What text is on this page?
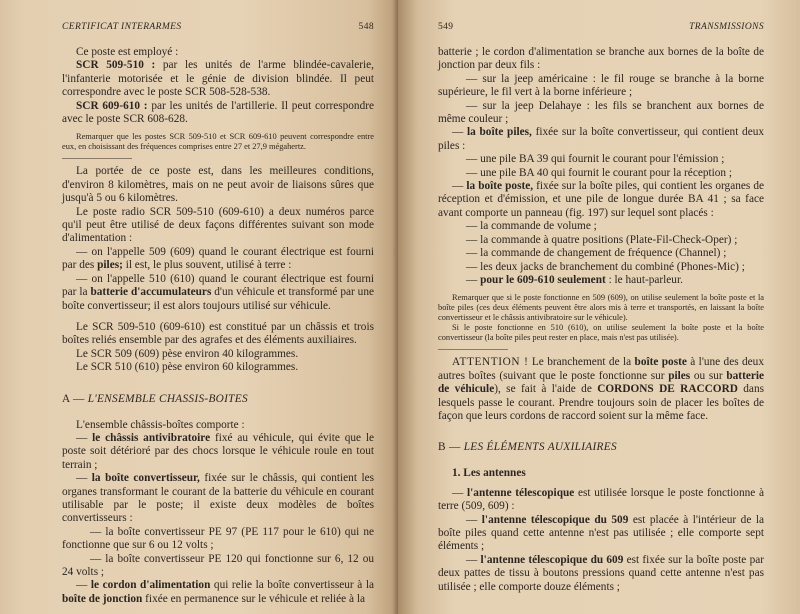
CERTIFICAT INTERARMES	548

Ce poste est employé :

SCR 509-510 : par les unités de l'arme blindée-cavalerie, l'infanterie motorisée et le génie de division blindée. Il peut correspondre avec le poste SCR 508-528-538.

SCR 609-610 : par les unités de l'artillerie. Il peut correspondre avec le poste SCR 608-628.

Remarquer que les postes SCR 509-510 et SCR 609-610 peuvent correspondre entre eux, en choisissant des fréquences comprises entre 27 et 27,9 mégahertz.

La portée de ce poste est, dans les meilleures conditions, d'environ 8 kilomètres, mais on ne peut avoir de liaisons sûres que jusqu'à 5 ou 6 kilomètres.

Le poste radio SCR 509-510 (609-610) a deux numéros parce qu'il peut être utilisé de deux façons différentes suivant son mode d'alimentation :

— on l'appelle 509 (609) quand le courant électrique est fourni par des piles; il est, le plus souvent, utilisé à terre :

— on l'appelle 510 (610) quand le courant électrique est fourni par la batterie d'accumulateurs d'un véhicule et transformé par une boîte convertisseur; il est alors toujours utilisé sur véhicule.

Le SCR 509-510 (609-610) est constitué par un châssis et trois boîtes reliés ensemble par des agrafes et des éléments auxiliaires.

Le SCR 509 (609) pèse environ 40 kilogrammes.

Le SCR 510 (610) pèse environ 60 kilogrammes.

A — L'ENSEMBLE CHASSIS-BOITES

L'ensemble châssis-boîtes comporte :

— le châssis antivibratoire fixé au véhicule, qui évite que le poste soit détérioré par des chocs lorsque le véhicule roule en tout terrain ;

— la boîte convertisseur, fixée sur le châssis, qui contient les organes transformant le courant de la batterie du véhicule en courant utilisable par le poste; il existe deux modèles de boîtes convertisseurs :

— la boîte convertisseur PE 97 (PE 117 pour le 610) qui ne fonctionne que sur 6 ou 12 volts ;

— la boîte convertisseur PE 120 qui fonctionne sur 6, 12 ou 24 volts ;

— le cordon d'alimentation qui relie la boîte convertisseur à la boîte de jonction fixée en permanence sur le véhicule et reliée à la

549	TRANSMISSIONS

batterie ; le cordon d'alimentation se branche aux bornes de la boîte de jonction par deux fils :

— sur la jeep américaine : le fil rouge se branche à la borne supérieure, le fil vert à la borne inférieure ;

— sur la jeep Delahaye : les fils se branchent aux bornes de même couleur ;

— la boîte piles, fixée sur la boîte convertisseur, qui contient deux piles :

— une pile BA 39 qui fournit le courant pour l'émission ;

— une pile BA 40 qui fournit le courant pour la réception ;

— la boîte poste, fixée sur la boîte piles, qui contient les organes de réception et d'émission, et une pile de longue durée BA 41 ; sa face avant comporte un panneau (fig. 197) sur lequel sont placés :

— la commande de volume ;

— la commande à quatre positions (Plate-Fil-Check-Oper) ;

— la commande de changement de fréquence (Channel) ;

— les deux jacks de branchement du combiné (Phones-Mic) ;

— pour le 609-610 seulement : le haut-parleur.

Remarquer que si le poste fonctionne en 509 (609), on utilise seulement la boîte poste et la boîte piles (ces deux éléments peuvent être alors mis à terre et transportés, en laissant la boîte convertisseur et le châssis antivibratoire sur le véhicule).

Si le poste fonctionne en 510 (610), on utilise seulement la boîte poste et la boîte convertisseur (la boîte piles peut rester en place, mais n'est pas utilisée).

ATTENTION ! Le branchement de la boîte poste à l'une des deux autres boîtes (suivant que le poste fonctionne sur piles ou sur batterie de véhicule), se fait à l'aide de CORDONS DE RACCORD dans lesquels passe le courant. Prendre toujours soin de placer les boîtes de façon que leurs cordons de raccord soient sur la même face.

B — LES ÉLÉMENTS AUXILIAIRES

1. Les antennes

— l'antenne télescopique est utilisée lorsque le poste fonctionne à terre (509, 609) :

— l'antenne télescopique du 509 est placée à l'intérieur de la boîte piles quand cette antenne n'est pas utilisée ; elle comporte sept éléments ;

— l'antenne télescopique du 609 est fixée sur la boîte poste par deux pattes de tissu à boutons pressions quand cette antenne n'est pas utilisée ; elle comporte douze éléments ;
